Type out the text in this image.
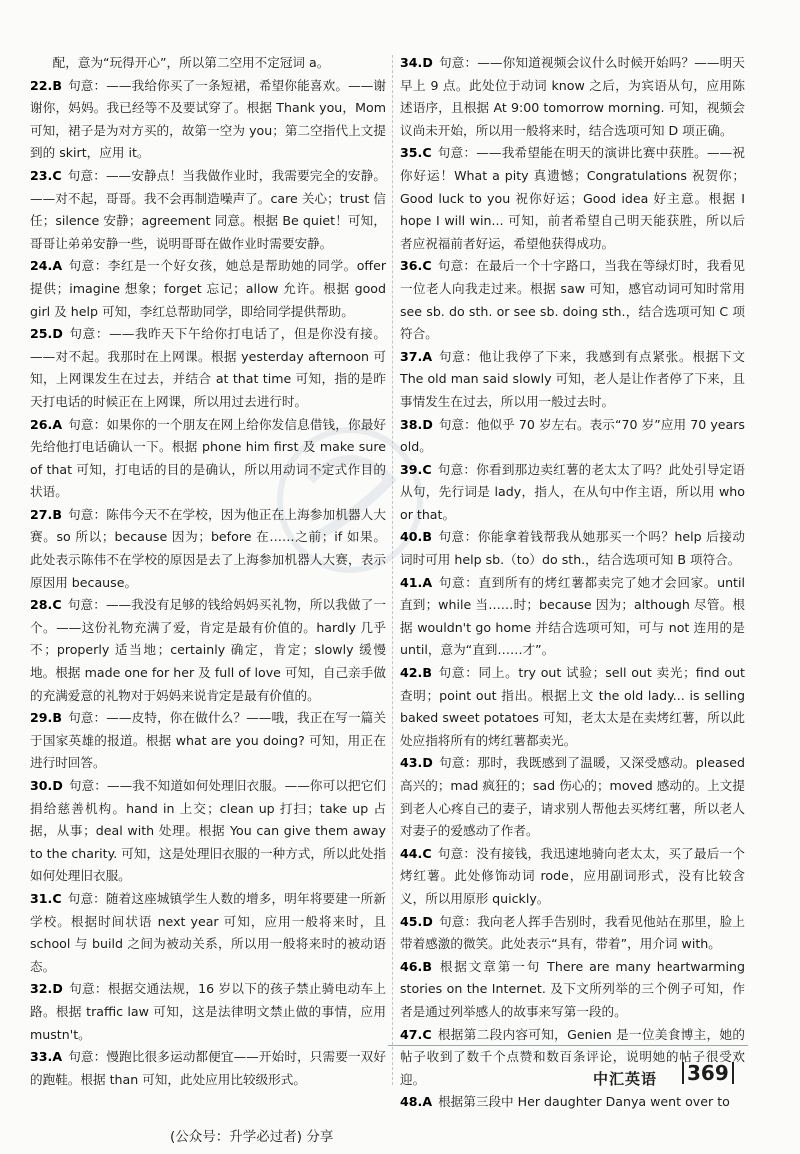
配，意为“玩得开心”，所以第二空用不定冠词 a。
22.B 句意：——我给你买了一条短裙，希望你能喜欢。——谢谢你，妈妈。我已经等不及要试穿了。根据 Thank you，Mom 可知，裙子是为对方买的，故第一空为 you；第二空指代上文提到的 skirt，应用 it。
23.C 句意：——安静点！当我做作业时，我需要完全的安静。——对不起，哥哥。我不会再制造噪声了。care 关心；trust 信任；silence 安静；agreement 同意。根据 Be quiet！可知，哥哥让弟弟安静一些，说明哥哥在做作业时需要安静。
24.A 句意：李红是一个好女孩，她总是帮助她的同学。offer 提供；imagine 想象；forget 忘记；allow 允许。根据 good girl 及 help 可知，李红总帮助同学，即给同学提供帮助。
25.D 句意：——我昨天下午给你打电话了，但是你没有接。——对不起。我那时在上网课。根据 yesterday afternoon 可知，上网课发生在过去，并结合 at that time 可知，指的是昨天打电话的时候正在上网课，所以用过去进行时。
26.A 句意：如果你的一个朋友在网上给你发信息借钱，你最好先给他打电话确认一下。根据 phone him first 及 make sure of that 可知，打电话的目的是确认，所以用动词不定式作目的状语。
27.B 句意：陈伟今天不在学校，因为他正在上海参加机器人大赛。so 所以；because 因为；before 在……之前；if 如果。此处表示陈伟不在学校的原因是去了上海参加机器人大赛，表示原因用 because。
28.C 句意：——我没有足够的钱给妈妈买礼物，所以我做了一个。——这份礼物充满了爱，肯定是最有价值的。hardly 几乎不；properly 适当地；certainly 确定，肯定；slowly 缓慢地。根据 made one for her 及 full of love 可知，自己亲手做的充满爱意的礼物对于妈妈来说肯定是最有价值的。
29.B 句意：——皮特，你在做什么？——哦，我正在写一篇关于国家英雄的报道。根据 what are you doing? 可知，用正在进行时回答。
30.D 句意：——我不知道如何处理旧衣服。——你可以把它们捐给慈善机构。hand in 上交；clean up 打扫；take up 占据，从事；deal with 处理。根据 You can give them away to the charity. 可知，这是处理旧衣服的一种方式，所以此处指如何处理旧衣服。
31.C 句意：随着这座城镇学生人数的增多，明年将要建一所新学校。根据时间状语 next year 可知，应用一般将来时，且 school 与 build 之间为被动关系，所以用一般将来时的被动语态。
32.D 句意：根据交通法规，16 岁以下的孩子禁止骑电动车上路。根据 traffic law 可知，这是法律明文禁止做的事情，应用 mustn't。
33.A 句意：慢跑比很多运动都便宜——开始时，只需要一双好的跑鞋。根据 than 可知，此处应用比较级形式。
34.D 句意：——你知道视频会议什么时候开始吗？——明天早上 9 点。此处位于动词 know 之后，为宾语从句，应用陈述语序，且根据 At 9:00 tomorrow morning. 可知，视频会议尚未开始，所以用一般将来时，结合选项可知 D 项正确。
35.C 句意：——我希望能在明天的演讲比赛中获胜。——祝你好运！What a pity 真遗憾；Congratulations 祝贺你；Good luck to you 祝你好运；Good idea 好主意。根据 I hope I will win... 可知，前者希望自己明天能获胜，所以后者应祝福前者好运，希望他获得成功。
36.C 句意：在最后一个十字路口，当我在等绿灯时，我看见一位老人向我走过来。根据 saw 可知，感官动词可知时常用 see sb. do sth. or see sb. doing sth.，结合选项可知 C 项符合。
37.A 句意：他让我停了下来，我感到有点紧张。根据下文 The old man said slowly 可知，老人是让作者停了下来，且事情发生在过去，所以用一般过去时。
38.D 句意：他似乎 70 岁左右。表示“70 岁”应用 70 years old。
39.C 句意：你看到那边卖红薯的老太太了吗？此处引导定语从句，先行词是 lady，指人，在从句中作主语，所以用 who or that。
40.B 句意：你能拿着钱帮我从她那买一个吗？help 后接动词时可用 help sb.（to）do sth.，结合选项可知 B 项符合。
41.A 句意：直到所有的烤红薯都卖完了她才会回家。until 直到；while 当……时；because 因为；although 尽管。根据 wouldn't go home 并结合选项可知，可与 not 连用的是 until，意为“直到……才”。
42.B 句意：同上。try out 试验；sell out 卖光；find out 查明；point out 指出。根据上文 the old lady... is selling baked sweet potatoes 可知，老太太是在卖烤红薯，所以此处应指将所有的烤红薯都卖光。
43.D 句意：那时，我既感到了温暖，又深受感动。pleased 高兴的；mad 疯狂的；sad 伤心的；moved 感动的。上文提到老人心疼自己的妻子，请求别人帮他去买烤红薯，所以老人对妻子的爱感动了作者。
44.C 句意：没有接钱，我迅速地骑向老太太，买了最后一个烤红薯。此处修饰动词 rode，应用副词形式，没有比较含义，所以用原形 quickly。
45.D 句意：我向老人挥手告别时，我看见他站在那里，脸上带着感激的微笑。此处表示“具有，带着”，用介词 with。
46.B 根据文章第一句 There are many heartwarming stories on the Internet. 及下文所列举的三个例子可知，作者是通过列举感人的故事来写第一段的。
47.C 根据第二段内容可知，Genien 是一位美食博主，她的帖子收到了数千个点赞和数百条评论，说明她的帖子很受欢迎。
48.A 根据第三段中 Her daughter Danya went over to
中汇英语 369
(公众号：升学必过者) 分享
